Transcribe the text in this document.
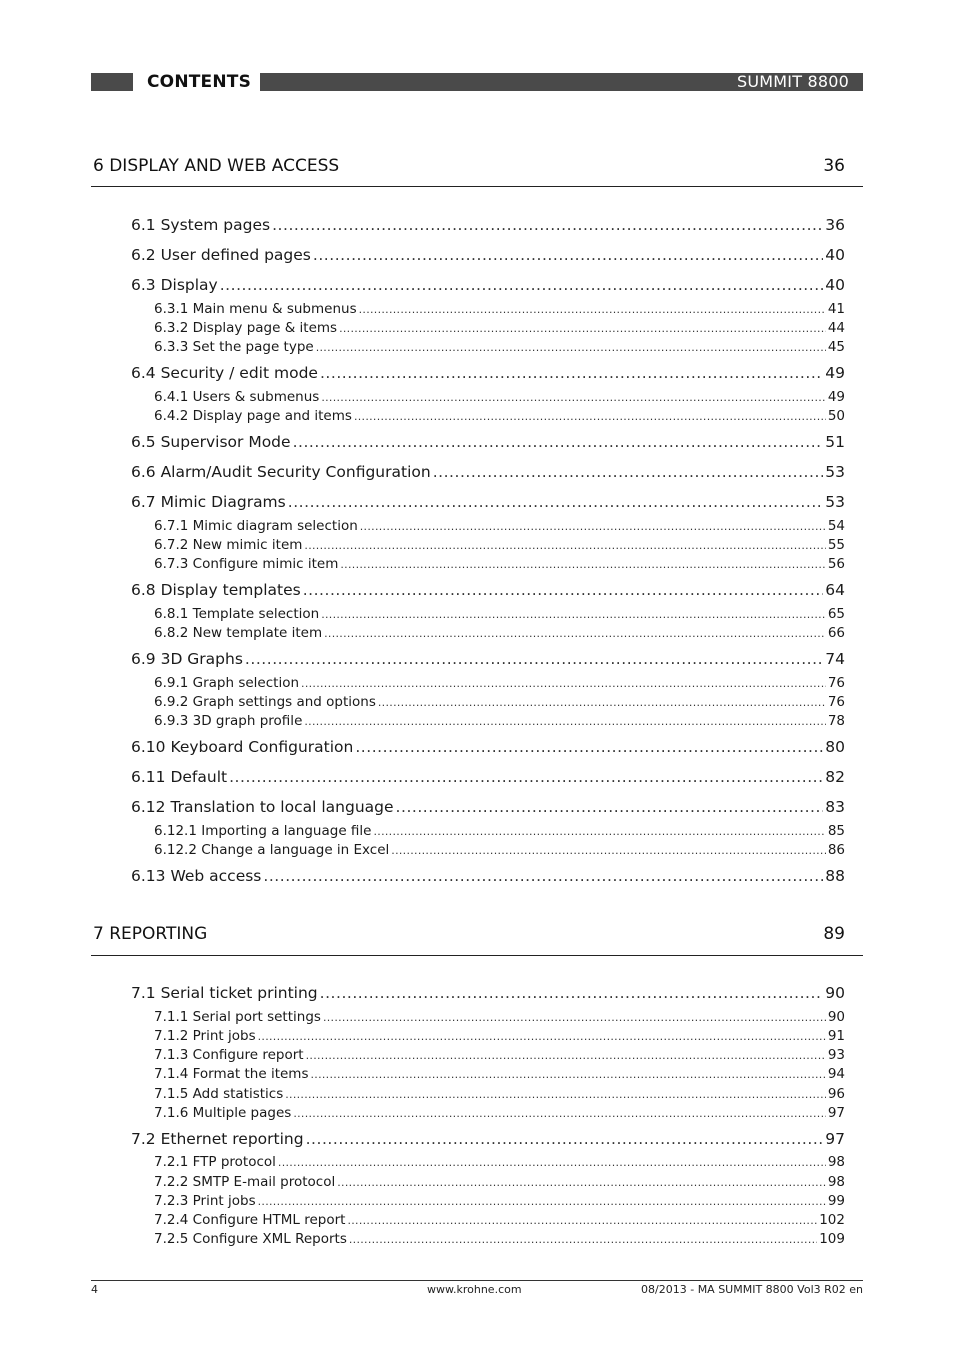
CONTENTS	SUMMIT 8800
6 DISPLAY AND WEB ACCESS	36
6.1 System pages . . .	36
6.2 User defined pages . . .	40
6.3 Display . . .	40
6.3.1 Main menu & submenus . . .	41
6.3.2 Display page & items . . .	44
6.3.3 Set the page type . . .	45
6.4 Security / edit mode . . .	49
6.4.1 Users & submenus . . .	49
6.4.2 Display page and items . . .	50
6.5 Supervisor Mode . . .	51
6.6 Alarm/Audit Security Configuration . . .	53
6.7 Mimic Diagrams . . .	53
6.7.1 Mimic diagram selection . . .	54
6.7.2 New mimic item . . .	55
6.7.3 Configure mimic item . . .	56
6.8 Display templates . . .	64
6.8.1 Template selection . . .	65
6.8.2 New template item . . .	66
6.9 3D Graphs . . .	74
6.9.1 Graph selection . . .	76
6.9.2 Graph settings and options . . .	76
6.9.3 3D graph profile . . .	78
6.10 Keyboard Configuration . . .	80
6.11 Default . . .	82
6.12 Translation to local language . . .	83
6.12.1 Importing a language file . . .	85
6.12.2 Change a language in Excel . . .	86
6.13 Web access . . .	88
7 REPORTING	89
7.1 Serial ticket printing . . .	90
7.1.1 Serial port settings . . .	90
7.1.2 Print jobs . . .	91
7.1.3 Configure report . . .	93
7.1.4 Format the items . . .	94
7.1.5 Add statistics . . .	96
7.1.6 Multiple pages . . .	97
7.2 Ethernet reporting . . .	97
7.2.1 FTP protocol . . .	98
7.2.2 SMTP E-mail protocol . . .	98
7.2.3 Print jobs . . .	99
7.2.4 Configure HTML report . . .	102
7.2.5 Configure XML Reports . . .	109
4	www.krohne.com	08/2013 - MA SUMMIT 8800 Vol3 R02 en
